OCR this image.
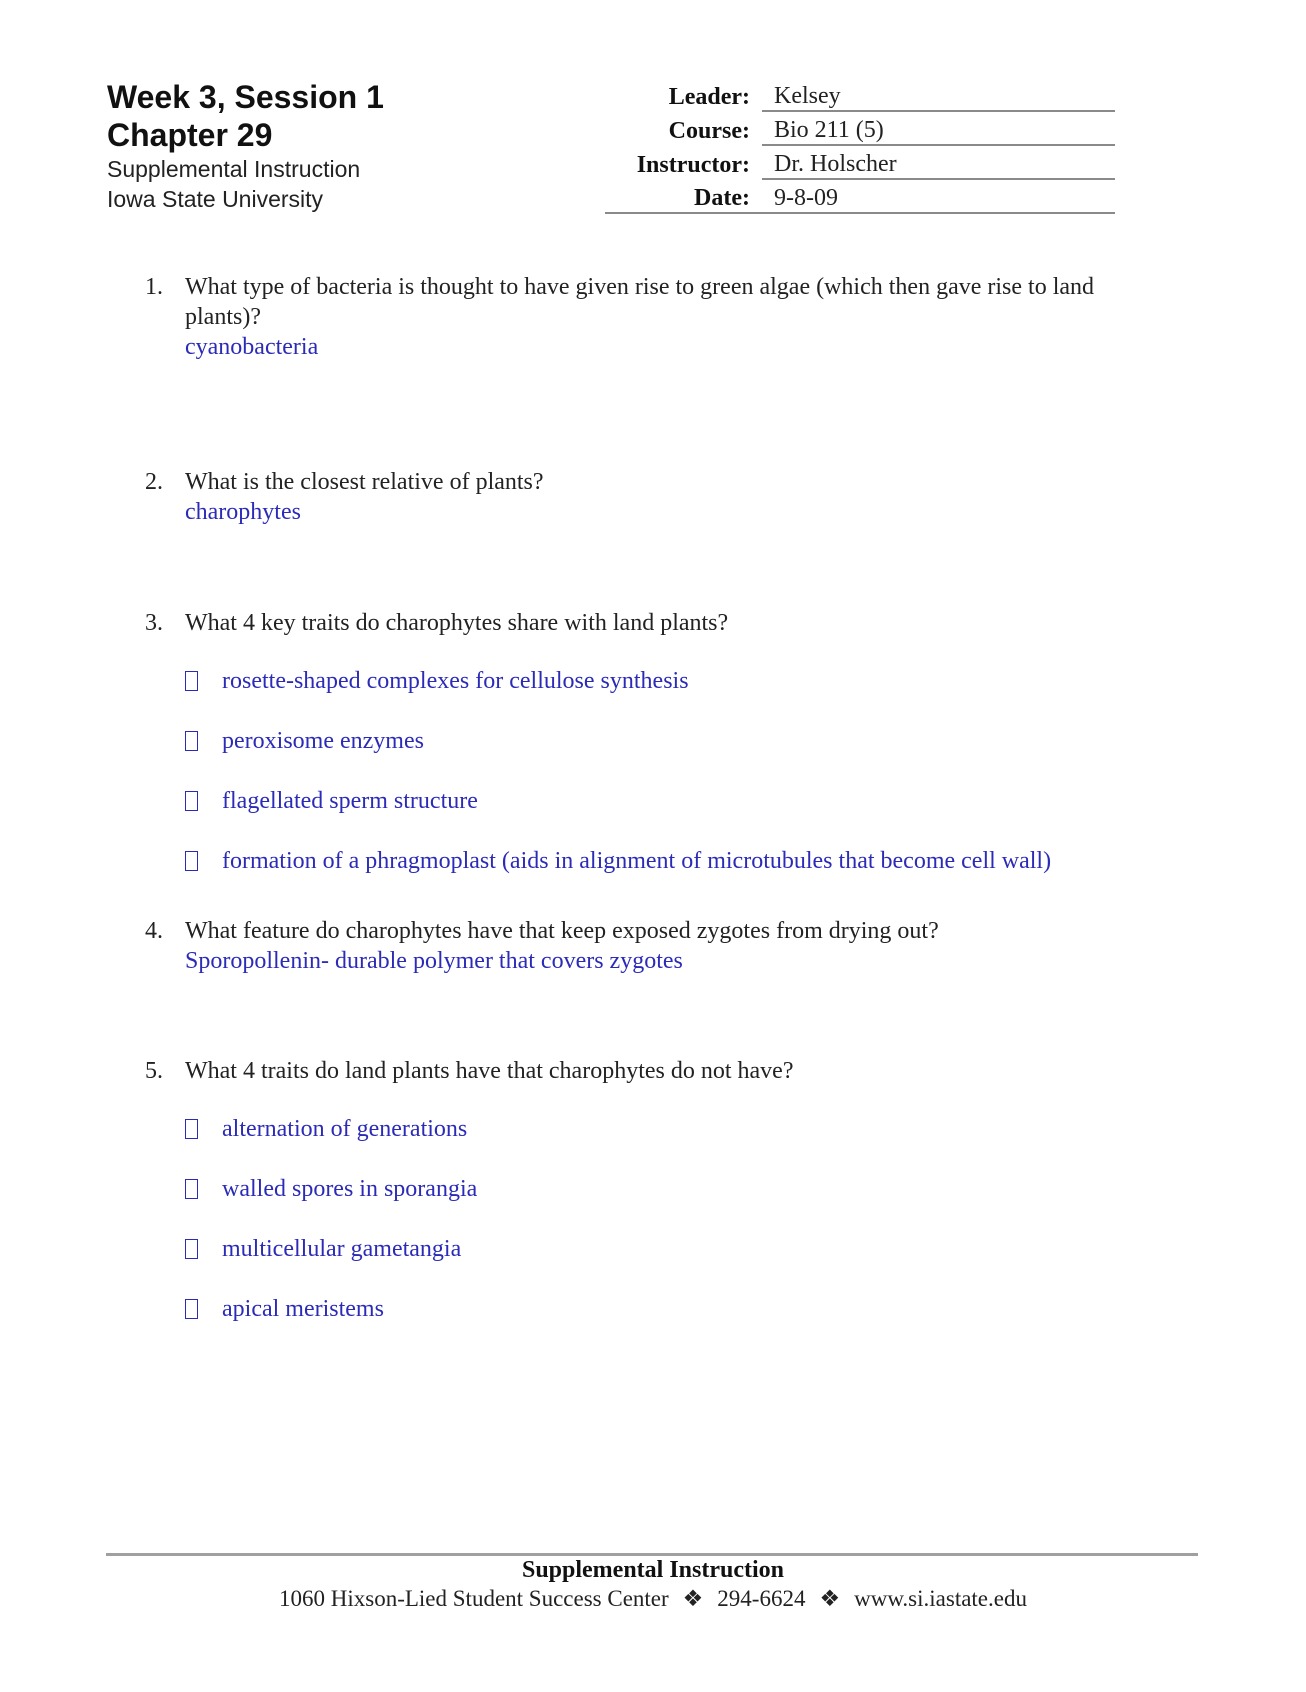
Week 3, Session 1
Chapter 29
Supplemental Instruction
Iowa State University
Leader:	Kelsey
Course:	Bio 211 (5)
Instructor:	Dr. Holscher
Date:	9-8-09
1. What type of bacteria is thought to have given rise to green algae (which then gave rise to land plants)?
cyanobacteria
2. What is the closest relative of plants?
charophytes
3. What 4 key traits do charophytes share with land plants?
rosette-shaped complexes for cellulose synthesis
peroxisome enzymes
flagellated sperm structure
formation of a phragmoplast (aids in alignment of microtubules that become cell wall)
4. What feature do charophytes have that keep exposed zygotes from drying out?
Sporopollenin- durable polymer that covers zygotes
5. What 4 traits do land plants have that charophytes do not have?
alternation of generations
walled spores in sporangia
multicellular gametangia
apical meristems
Supplemental Instruction
1060 Hixson-Lied Student Success Center ❖ 294-6624 ❖ www.si.iastate.edu
